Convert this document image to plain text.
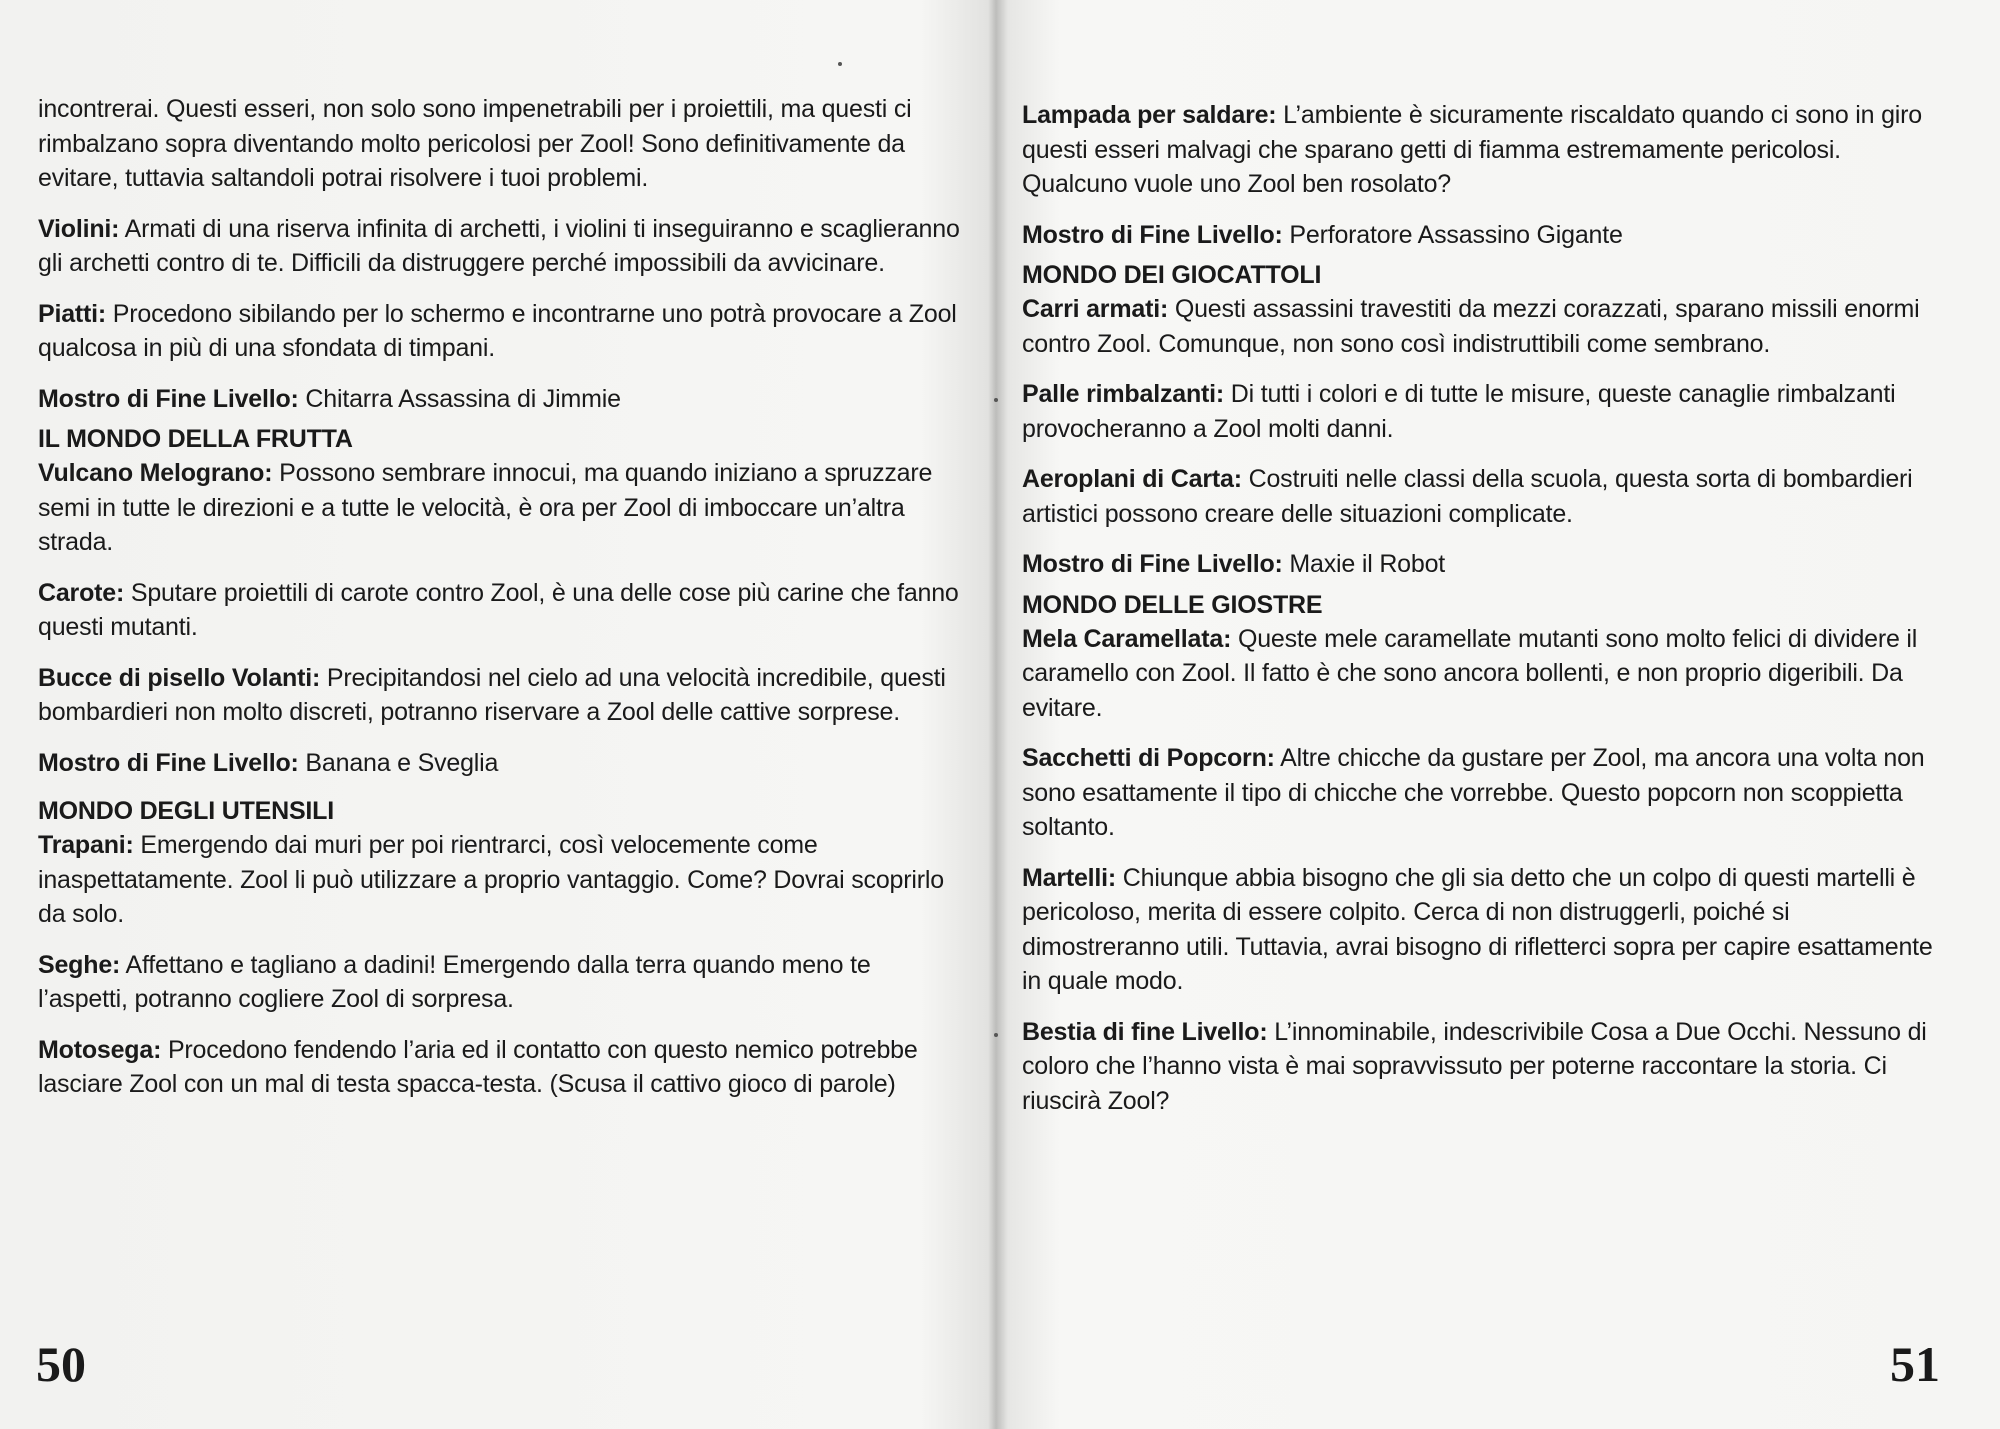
incontrerai. Questi esseri, non solo sono impenetrabili per i proiettili, ma questi ci rimbalzano sopra diventando molto pericolosi per Zool! Sono definitivamente da evitare, tuttavia saltandoli potrai risolvere i tuoi problemi.
Violini: Armati di una riserva infinita di archetti, i violini ti inseguiranno e scaglieranno gli archetti contro di te. Difficili da distruggere perché impossibili da avvicinare.
Piatti: Procedono sibilando per lo schermo e incontrarne uno potrà provocare a Zool qualcosa in più di una sfondata di timpani.
Mostro di Fine Livello: Chitarra Assassina di Jimmie
IL MONDO DELLA FRUTTA
Vulcano Melograno: Possono sembrare innocui, ma quando iniziano a spruzzare semi in tutte le direzioni e a tutte le velocità, è ora per Zool di imboccare un’altra strada.
Carote: Sputare proiettili di carote contro Zool, è una delle cose più carine che fanno questi mutanti.
Bucce di pisello Volanti: Precipitandosi nel cielo ad una velocità incredibile, questi bombardieri non molto discreti, potranno riservare a Zool delle cattive sorprese.
Mostro di Fine Livello: Banana e Sveglia
MONDO DEGLI UTENSILI
Trapani: Emergendo dai muri per poi rientrarci, così velocemente come inaspettatamente. Zool li può utilizzare a proprio vantaggio. Come? Dovrai scoprirlo da solo.
Seghe: Affettano e tagliano a dadini! Emergendo dalla terra quando meno te l’aspetti, potranno cogliere Zool di sorpresa.
Motosega: Procedono fendendo l’aria ed il contatto con questo nemico potrebbe lasciare Zool con un mal di testa spacca-testa. (Scusa il cattivo gioco di parole)
50
Lampada per saldare: L’ambiente è sicuramente riscaldato quando ci sono in giro questi esseri malvagi che sparano getti di fiamma estremamente pericolosi. Qualcuno vuole uno Zool ben rosolato?
Mostro di Fine Livello: Perforatore Assassino Gigante
MONDO DEI GIOCATTOLI
Carri armati: Questi assassini travestiti da mezzi corazzati, sparano missili enormi contro Zool. Comunque, non sono così indistruttibili come sembrano.
Palle rimbalzanti: Di tutti i colori e di tutte le misure, queste canaglie rimbalzanti provocheranno a Zool molti danni.
Aeroplani di Carta: Costruiti nelle classi della scuola, questa sorta di bombardieri artistici possono creare delle situazioni complicate.
Mostro di Fine Livello: Maxie il Robot
MONDO DELLE GIOSTRE
Mela Caramellata: Queste mele caramellate mutanti sono molto felici di dividere il caramello con Zool. Il fatto è che sono ancora bollenti, e non proprio digeribili. Da evitare.
Sacchetti di Popcorn: Altre chicche da gustare per Zool, ma ancora una volta non sono esattamente il tipo di chicche che vorrebbe. Questo popcorn non scoppietta soltanto.
Martelli: Chiunque abbia bisogno che gli sia detto che un colpo di questi martelli è pericoloso, merita di essere colpito. Cerca di non distruggerli, poiché si dimostreranno utili. Tuttavia, avrai bisogno di rifletterci sopra per capire esattamente in quale modo.
Bestia di fine Livello: L’innominabile, indescrivibile Cosa a Due Occhi. Nessuno di coloro che l’hanno vista è mai sopravvissuto per poterne raccontare la storia. Ci riuscirà Zool?
51
